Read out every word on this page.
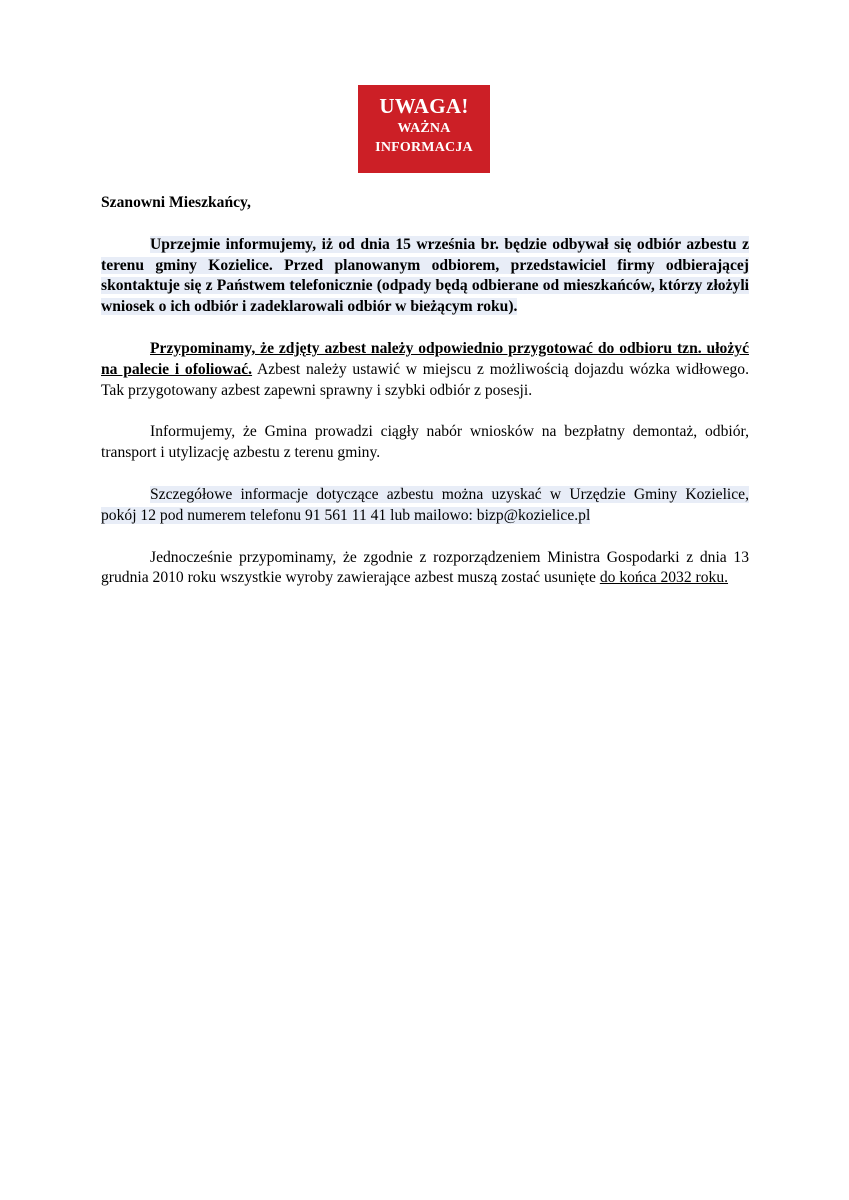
UWAGA!
WAŻNA
INFORMACJA
Szanowni Mieszkańcy,

Uprzejmie informujemy, iż od dnia 15 września br. będzie odbywał się odbiór azbestu z terenu gminy Kozielice. Przed planowanym odbiorem, przedstawiciel firmy odbierającej skontaktuje się z Państwem telefonicznie (odpady będą odbierane od mieszkańców, którzy złożyli wniosek o ich odbiór i zadeklarowali odbiór w bieżącym roku).

Przypominamy, że zdjęty azbest należy odpowiednio przygotować do odbioru tzn. ułożyć na palecie i ofoliować. Azbest należy ustawić w miejscu z możliwością dojazdu wózka widłowego. Tak przygotowany azbest zapewni sprawny i szybki odbiór z posesji.

Informujemy, że Gmina prowadzi ciągły nabór wniosków na bezpłatny demontaż, odbiór, transport i utylizację azbestu z terenu gminy.

Szczegółowe informacje dotyczące azbestu można uzyskać w Urzędzie Gminy Kozielice, pokój 12 pod numerem telefonu 91 561 11 41 lub mailowo: bizp@kozielice.pl

Jednocześnie przypominamy, że zgodnie z rozporządzeniem Ministra Gospodarki z dnia 13 grudnia 2010 roku wszystkie wyroby zawierające azbest muszą zostać usunięte do końca 2032 roku.
